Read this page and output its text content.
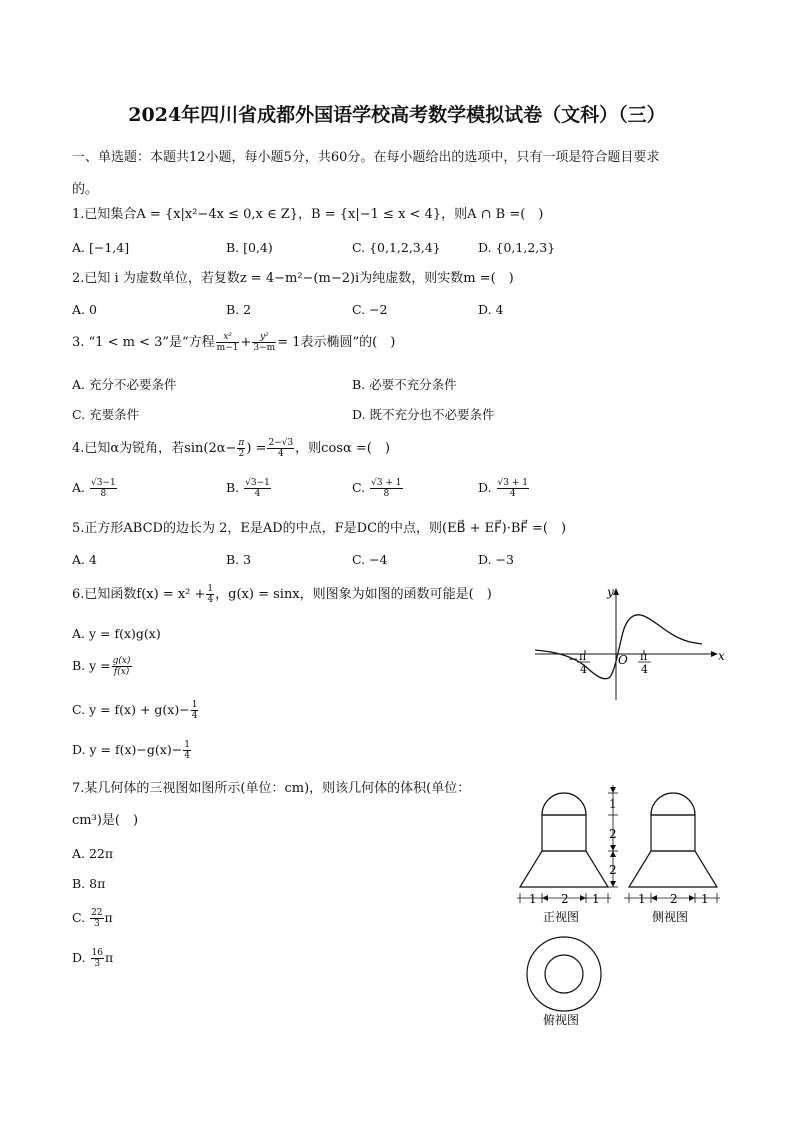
2024年四川省成都外国语学校高考数学模拟试卷（文科）（三）
一、单选题：本题共12小题，每小题5分，共60分。在每小题给出的选项中，只有一项是符合题目要求
的。
1.已知集合A = {x|x²−4x ≤ 0,x ∈ Z}，B = {x|−1 ≤ x < 4}，则A ∩ B =(　)
A. [−1,4]	B. [0,4)	C. {0,1,2,3,4}	D. {0,1,2,3}
2.已知 i 为虚数单位，若复数z = 4−m²−(m−2)i为纯虚数，则实数m =(　)
A. 0	B. 2	C. −2	D. 4
3. “1 < m < 3”是“方程 $\frac{\text{x²}}{m-1} + \frac{\text{y²}}{3-m} = 1$表示椭圆”的(　)
A. 充分不必要条件	B. 必要不充分条件
C. 充要条件	D. 既不充分也不必要条件
4.已知α为锐角，若$\sin(2\alpha- \frac{\pi}{2}$ ) = $\frac{2-√3}{4}$ ，则cosα =(　)
A. $\frac{√3-1}{8}$	B. $\frac{√3-1}{4}$	C. $\frac{√3 + 1}{8}$	D. $\frac{√3 + 1}{4}$
5.正方形ABCD的边长为 2，E是AD的中点，F是DC的中点，则(EB⃗ + EF⃗)·BF⃗ =(　)
A. 4	B. 3	C. −4	D. −3
6.已知函数$f(x) = x^2 + \frac{1}{4}$ ，g(x) = sinx，则图象为如图的函数可能是(　)
A. y = f(x)g(x)
B. $y = \frac{g(x)}{f(x)}$
C. $y = f(x) + g(x)- \frac{1}{4}$
D. $y = f(x)-g(x)- \frac{1}{4}$
x
y
O
− π
4
π
4
7.某几何体的三视图如图所示(单位：cm)，则该几何体的体积(单位：
cm³)是(　)
A. 22π
B. 8π
C. $\frac{22}{3}$ π
D. $\frac{16}{3}$ π
1
2
2
1 2 1	1 2 1
正视图	侧视图
俯视图
